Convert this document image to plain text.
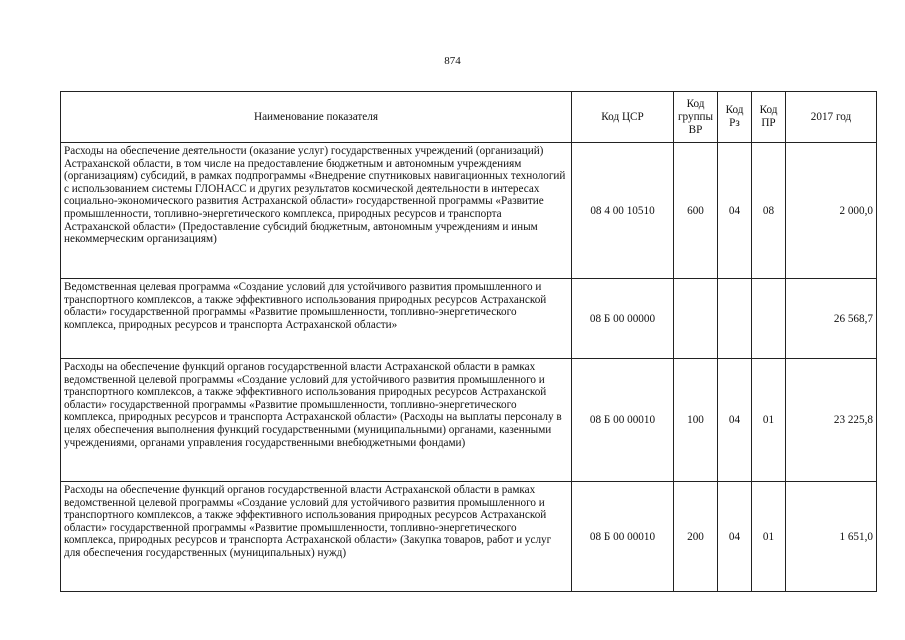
874
Наименование показателя	Код ЦСР	Код группы ВР	Код Рз	Код ПР	2017 год
Расходы на обеспечение деятельности (оказание услуг) государственных учреждений (организаций) Астраханской области, в том числе на предоставление бюджетным и автономным учреждениям (организациям) субсидий, в рамках подпрограммы «Внедрение спутниковых навигационных технологий с использованием системы ГЛОНАСС и других результатов космической деятельности в интересах социально-экономического развития Астраханской области» государственной программы «Развитие промышленности, топливно-энергетического комплекса, природных ресурсов и транспорта Астраханской области» (Предоставление субсидий бюджетным, автономным учреждениям и иным некоммерческим организациям)	08 4 00 10510	600	04	08	2 000,0
Ведомственная целевая программа «Создание условий для устойчивого развития промышленного и транспортного комплексов, а также эффективного использования природных ресурсов Астраханской области» государственной программы «Развитие промышленности, топливно-энергетического комплекса, природных ресурсов и транспорта Астраханской области»	08 Б 00 00000				26 568,7
Расходы на обеспечение функций органов государственной власти Астраханской области в рамках ведомственной целевой программы «Создание условий для устойчивого развития промышленного и транспортного комплексов, а также эффективного использования природных ресурсов Астраханской области» государственной программы «Развитие промышленности, топливно-энергетического комплекса, природных ресурсов и транспорта Астраханской области» (Расходы на выплаты персоналу в целях обеспечения выполнения функций государственными (муниципальными) органами, казенными учреждениями, органами управления государственными внебюджетными фондами)	08 Б 00 00010	100	04	01	23 225,8
Расходы на обеспечение функций органов государственной власти Астраханской области в рамках ведомственной целевой программы «Создание условий для устойчивого развития промышленного и транспортного комплексов, а также эффективного использования природных ресурсов Астраханской области» государственной программы «Развитие промышленности, топливно-энергетического комплекса, природных ресурсов и транспорта Астраханской области» (Закупка товаров, работ и услуг для обеспечения государственных (муниципальных) нужд)	08 Б 00 00010	200	04	01	1 651,0
